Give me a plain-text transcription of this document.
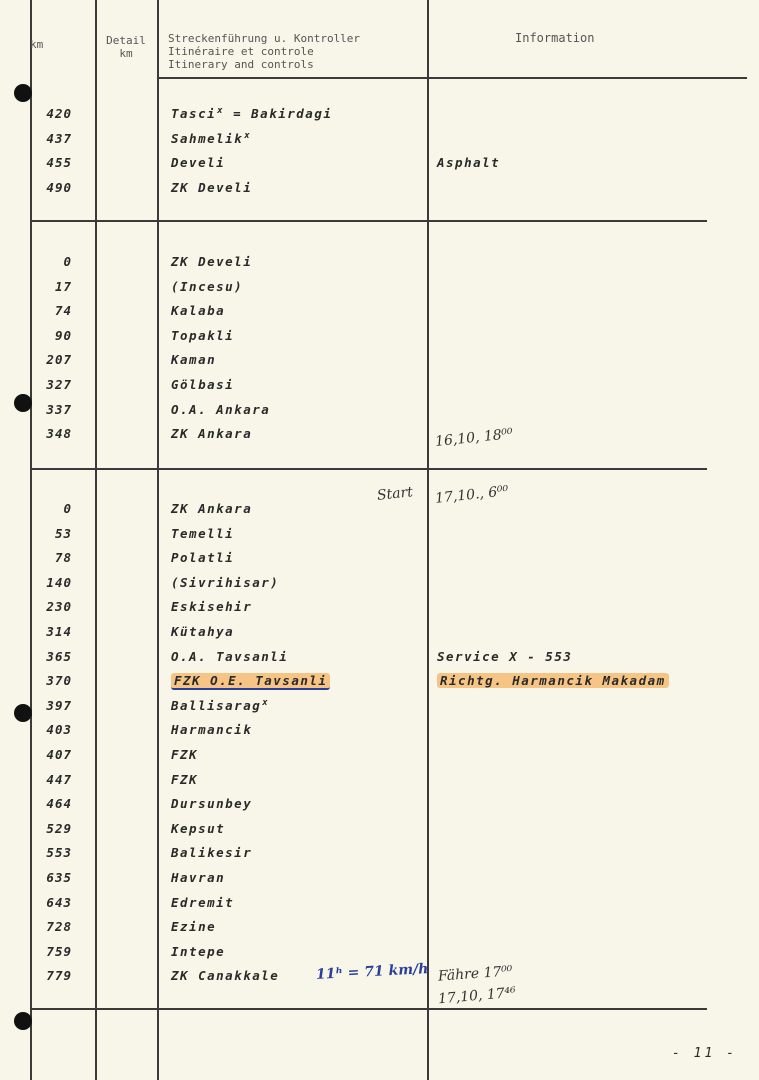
km	Detail
km
Streckenführung u. Kontroller
Itinéraire et controle
Itinerary and controls
Information
420	Tasci$^x$ = Bakirdagi
437	Sahmelik$^x$
455	Develi	Asphalt
490	ZK Develi
0	ZK Develi
17	(Incesu)
74	Kalaba
90	Topakli
207	Kaman
327	Gölbasi
337	O.A. Ankara
348	ZK Ankara
0	ZK Ankara
53	Temelli
78	Polatli
140	(Sivrihisar)
230	Eskisehir
314	Kütahya
365	O.A. Tavsanli	Service X - 553
370	FZK O.E. Tavsanli	Richtg. Harmancik Makadam
397	Ballisarag$^x$
403	Harmancik
407	FZK
447	FZK
464	Dursunbey
529	Kepsut
553	Balikesir
635	Havran
643	Edremit
728	Ezine
759	Intepe
779	ZK Canakkale
16,10, 18⁰⁰
Start 17,10., 6⁰⁰
11ʰ = 71 km/h Fähre 17⁰⁰
17,10, 17⁴⁶
- 11 -
